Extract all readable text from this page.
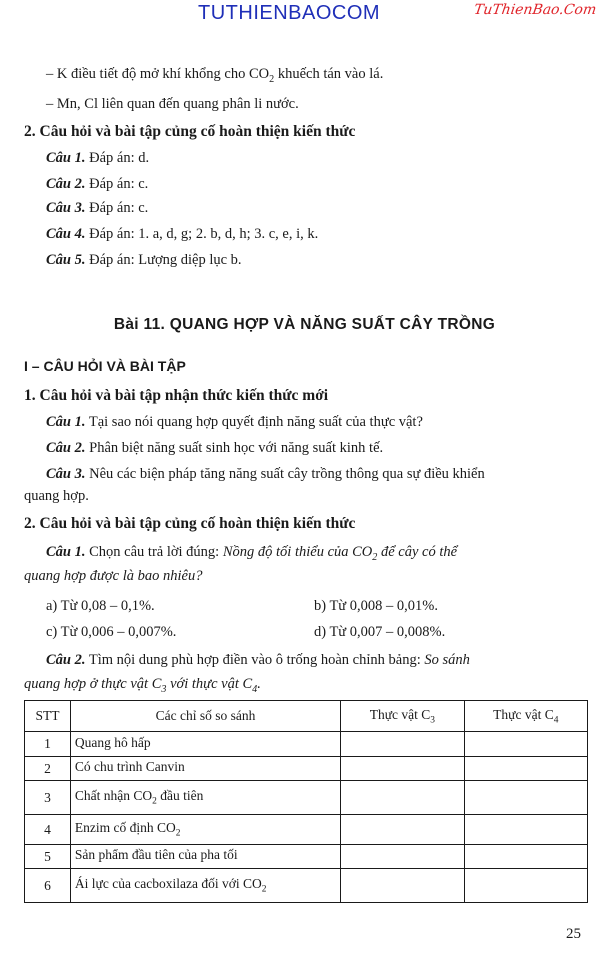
TUTHIENBAOCOM	TuThienBao.Com
– K điều tiết độ mở khí khổng cho $CO_2$ khuếch tán vào lá.
– Mn, Cl liên quan đến quang phân li nước.
2. Câu hỏi và bài tập củng cố hoàn thiện kiến thức
Câu 1. Đáp án: d.
Câu 2. Đáp án: c.
Câu 3. Đáp án: c.
Câu 4. Đáp án: 1. a, d, g; 2. b, d, h; 3. c, e, i, k.
Câu 5. Đáp án: Lượng diệp lục b.
Bài 11. QUANG HỢP VÀ NĂNG SUẤT CÂY TRỒNG
I – CÂU HỎI VÀ BÀI TẬP
1. Câu hỏi và bài tập nhận thức kiến thức mới
Câu 1. Tại sao nói quang hợp quyết định năng suất của thực vật?
Câu 2. Phân biệt năng suất sinh học với năng suất kinh tế.
Câu 3. Nêu các biện pháp tăng năng suất cây trồng thông qua sự điều khiển
quang hợp.
2. Câu hỏi và bài tập củng cố hoàn thiện kiến thức
Câu 1. Chọn câu trả lời đúng: Nồng độ tối thiểu của $CO_2$ để cây có thể
quang hợp được là bao nhiêu?
a) Từ 0,08 – 0,1%.	b) Từ 0,008 – 0,01%.
c) Từ 0,006 – 0,007%.	d) Từ 0,007 – 0,008%.
Câu 2. Tìm nội dung phù hợp điền vào ô trống hoàn chỉnh bảng: So sánh
quang hợp ở thực vật $C_3$ với thực vật $C_4$.
STT	Các chỉ số so sánh	Thực vật $C_3$	Thực vật $C_4$
1	Quang hô hấp		
2	Có chu trình Canvin		
3	Chất nhận $CO_2$ đầu tiên		
4	Enzim cố định $CO_2$		
5	Sản phẩm đầu tiên của pha tối		
6	Ái lực của cacboxilaza đối với $CO_2$		
25
